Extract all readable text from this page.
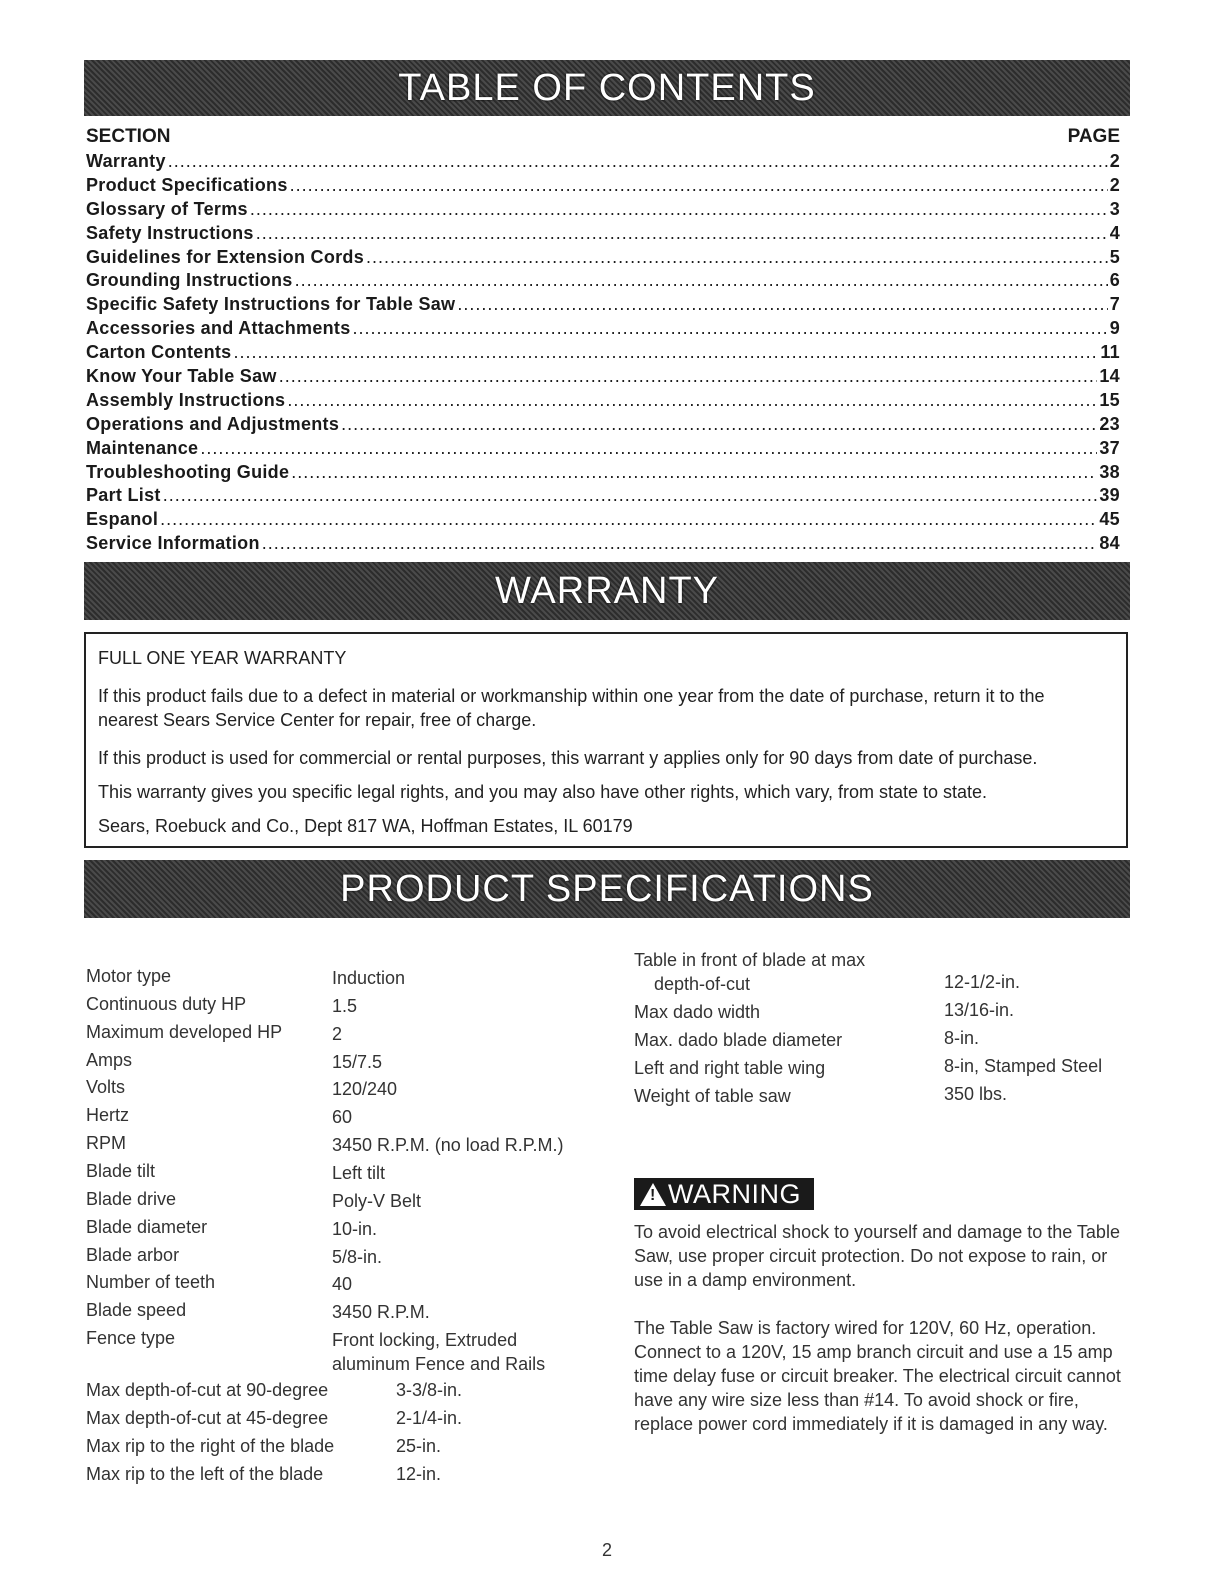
TABLE OF CONTENTS
SECTION	PAGE
Warranty .....	2
Product Specifications .....	2
Glossary of Terms .....	3
Safety Instructions .....	4
Guidelines for Extension Cords .....	5
Grounding Instructions .....	6
Specific Safety Instructions for Table Saw .....	7
Accessories and Attachments .....	9
Carton Contents .....	11
Know Your Table Saw .....	14
Assembly Instructions .....	15
Operations and Adjustments .....	23
Maintenance .....	37
Troubleshooting Guide .....	38
Part List .....	39
Espanol .....	45
Service Information .....	84
WARRANTY

FULL ONE YEAR WARRANTY

If this product fails due to a defect in material or workmanship within one year from the date of purchase, return it to the nearest Sears Service Center for repair, free of charge.

If this product is used for commercial or rental purposes, this warrant y applies only for 90 days from date of purchase.

This warranty gives you specific legal rights, and you may also have other rights, which vary, from state to state.

Sears, Roebuck and Co., Dept 817 WA, Hoffman Estates, IL 60179

PRODUCT SPECIFICATIONS
Motor type	Induction
Continuous duty HP	1.5
Maximum developed HP	2
Amps	15/7.5
Volts	120/240
Hertz	60
RPM	3450 R.P.M. (no load R.P.M.)
Blade tilt	Left tilt
Blade drive	Poly-V Belt
Blade diameter	10-in.
Blade arbor	5/8-in.
Number of teeth	40
Blade speed	3450 R.P.M.
Fence type	Front locking, Extruded
aluminum Fence and Rails
Max depth-of-cut at 90-degree	3-3/8-in.
Max depth-of-cut at 45-degree	2-1/4-in.
Max rip to the right of the blade	25-in.
Max rip to the left of the blade	12-in.
Table in front of blade at max
depth-of-cut	12-1/2-in.
Max dado width	13/16-in.
Max. dado blade diameter	8-in.
Left and right table wing	8-in, Stamped Steel
Weight of table saw	350 lbs.
! WARNING

To avoid electrical shock to yourself and damage to the Table Saw, use proper circuit protection. Do not expose to rain, or use in a damp environment.

The Table Saw is factory wired for 120V, 60 Hz, operation. Connect to a 120V, 15 amp branch circuit and use a 15 amp time delay fuse or circuit breaker. The electrical circuit cannot have any wire size less than #14. To avoid shock or fire, replace power cord immediately if it is damaged in any way.

2
